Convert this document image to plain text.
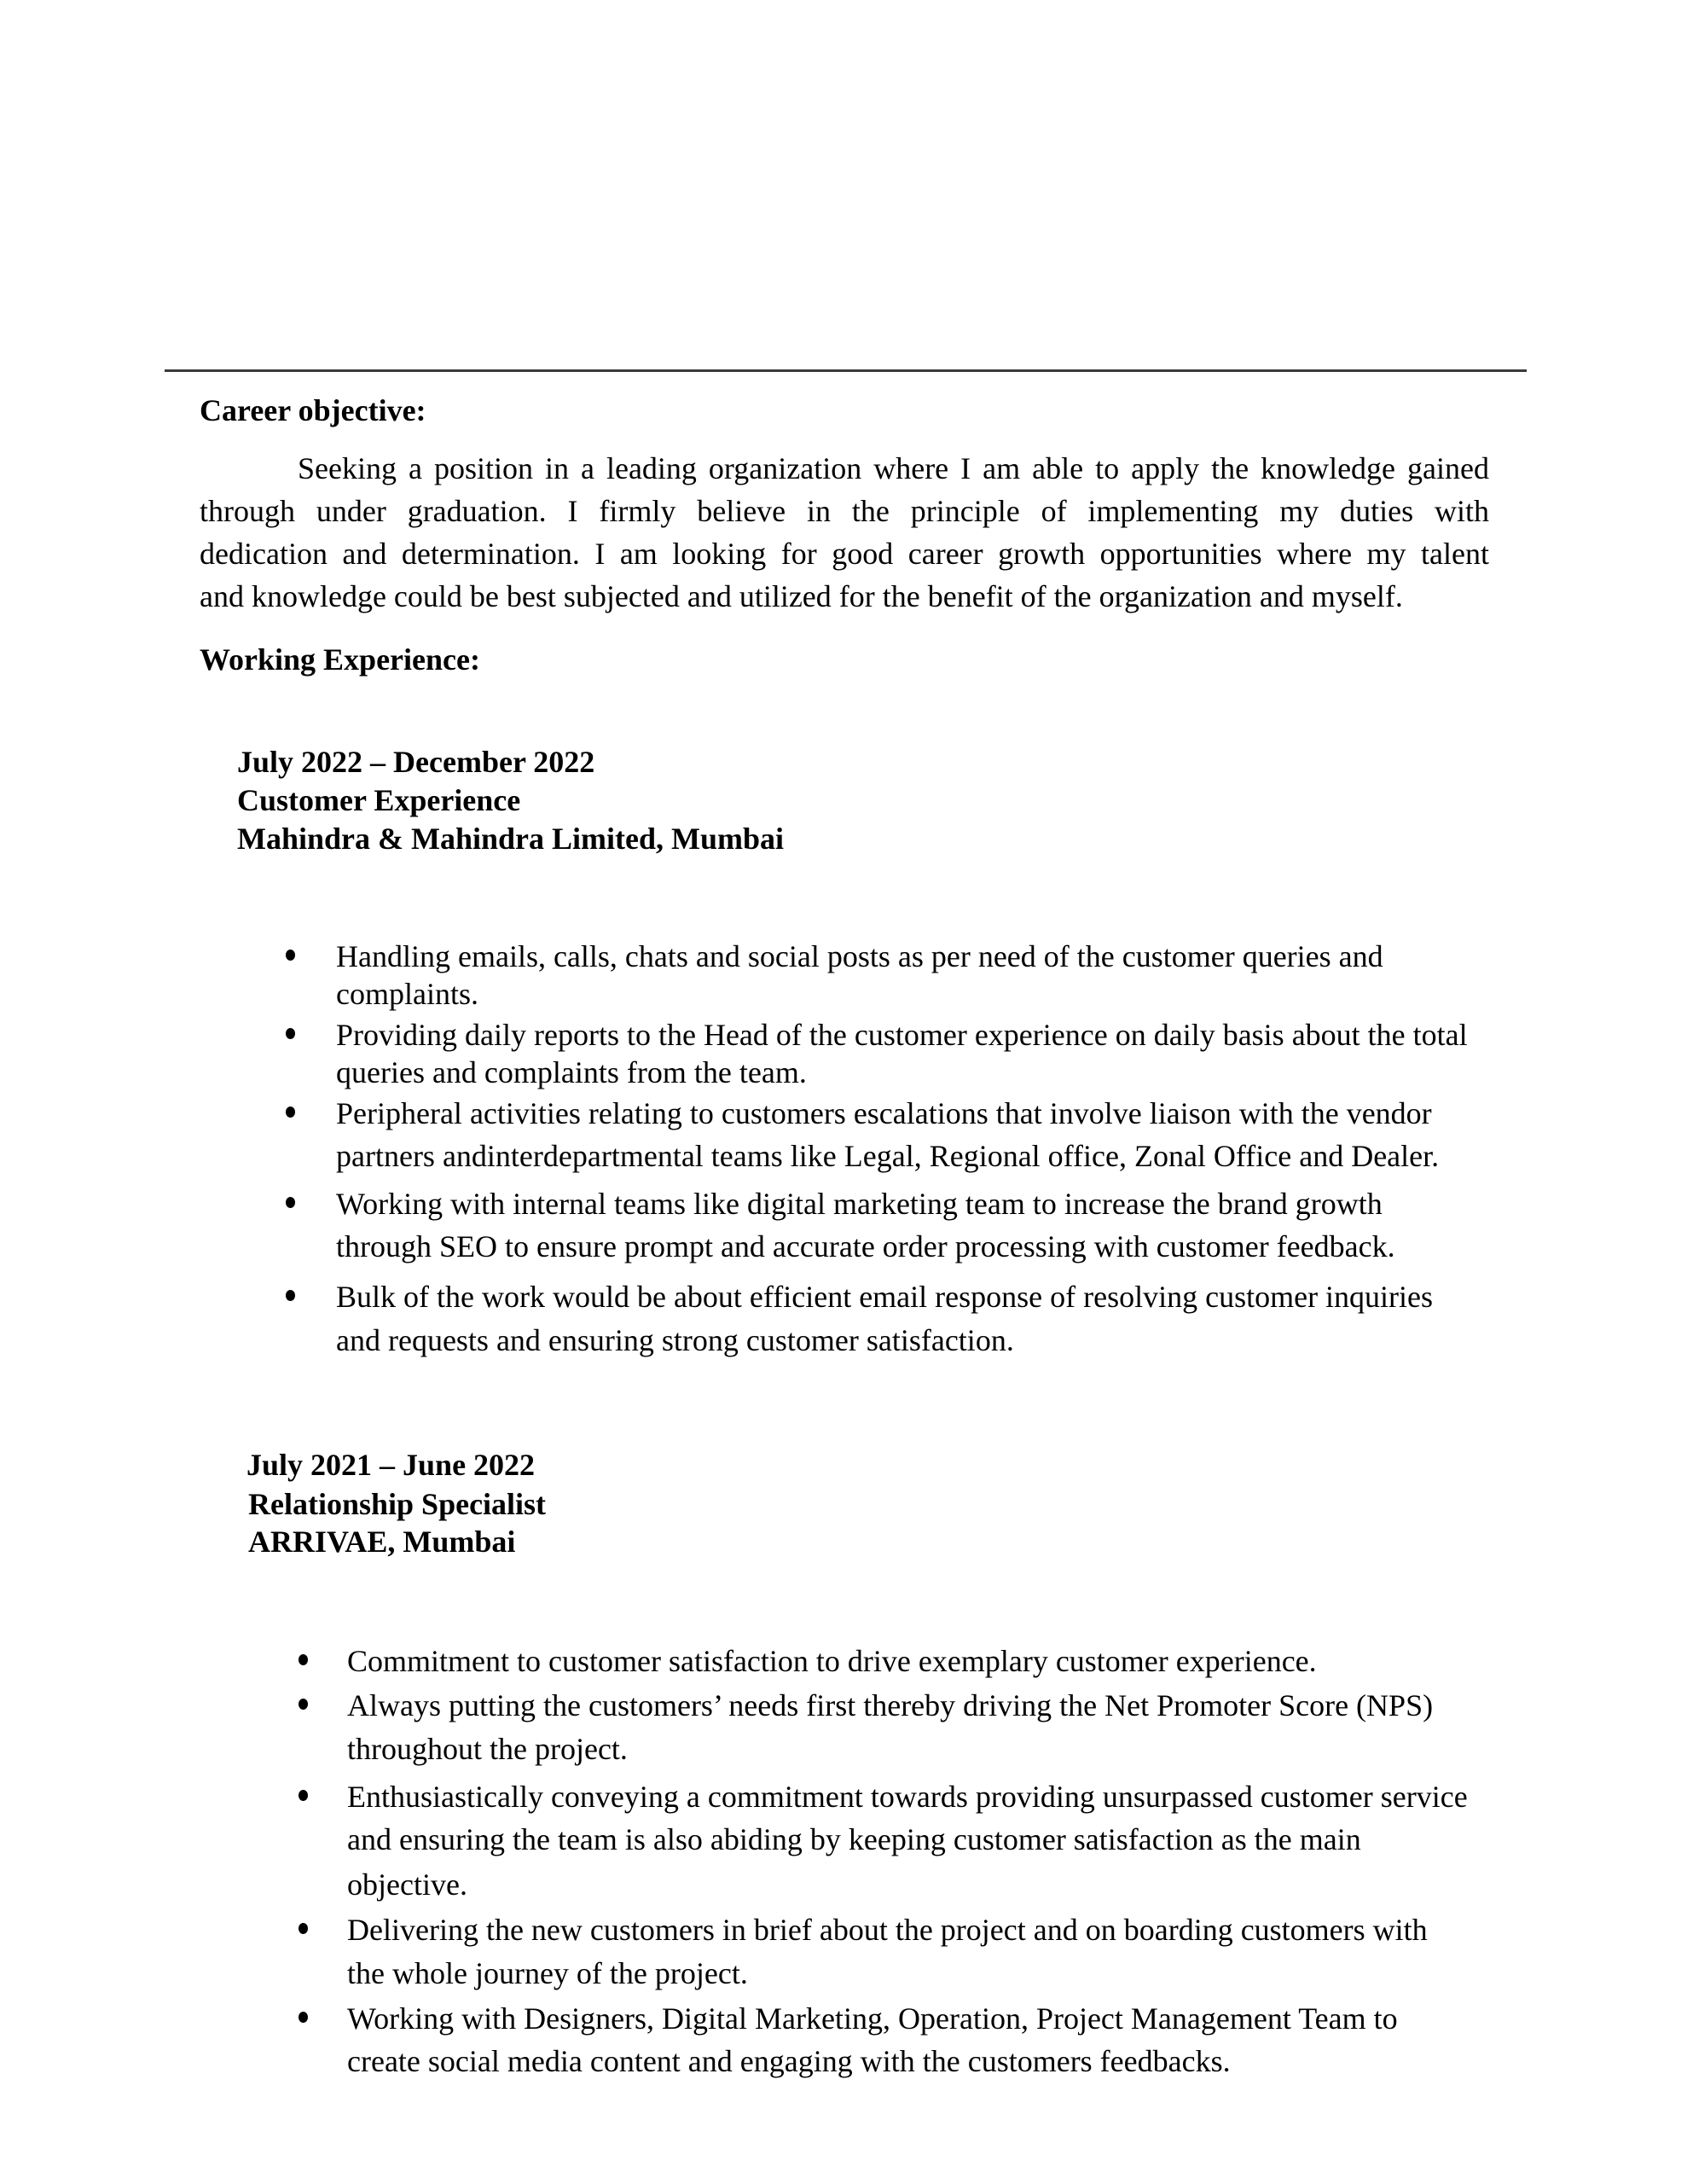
Career objective:
Seeking a position in a leading organization where I am able to apply the knowledge gained
through under graduation. I firmly believe in the principle of implementing my duties with
dedication and determination. I am looking for good career growth opportunities where my talent
and knowledge could be best subjected and utilized for the benefit of the organization and myself.
Working Experience:
July 2022 – December 2022
Customer Experience
Mahindra & Mahindra Limited, Mumbai
Handling emails, calls, chats and social posts as per need of the customer queries and
complaints.
Providing daily reports to the Head of the customer experience on daily basis about the total
queries and complaints from the team.
Peripheral activities relating to customers escalations that involve liaison with the vendor
partners andinterdepartmental teams like Legal, Regional office, Zonal Office and Dealer.
Working with internal teams like digital marketing team to increase the brand growth
through SEO to ensure prompt and accurate order processing with customer feedback.
Bulk of the work would be about efficient email response of resolving customer inquiries
and requests and ensuring strong customer satisfaction.
July 2021 – June 2022
Relationship Specialist
ARRIVAE, Mumbai
Commitment to customer satisfaction to drive exemplary customer experience.
Always putting the customers’ needs first thereby driving the Net Promoter Score (NPS)
throughout the project.
Enthusiastically conveying a commitment towards providing unsurpassed customer service
and ensuring the team is also abiding by keeping customer satisfaction as the main
objective.
Delivering the new customers in brief about the project and on boarding customers with
the whole journey of the project.
Working with Designers, Digital Marketing, Operation, Project Management Team to
create social media content and engaging with the customers feedbacks.
